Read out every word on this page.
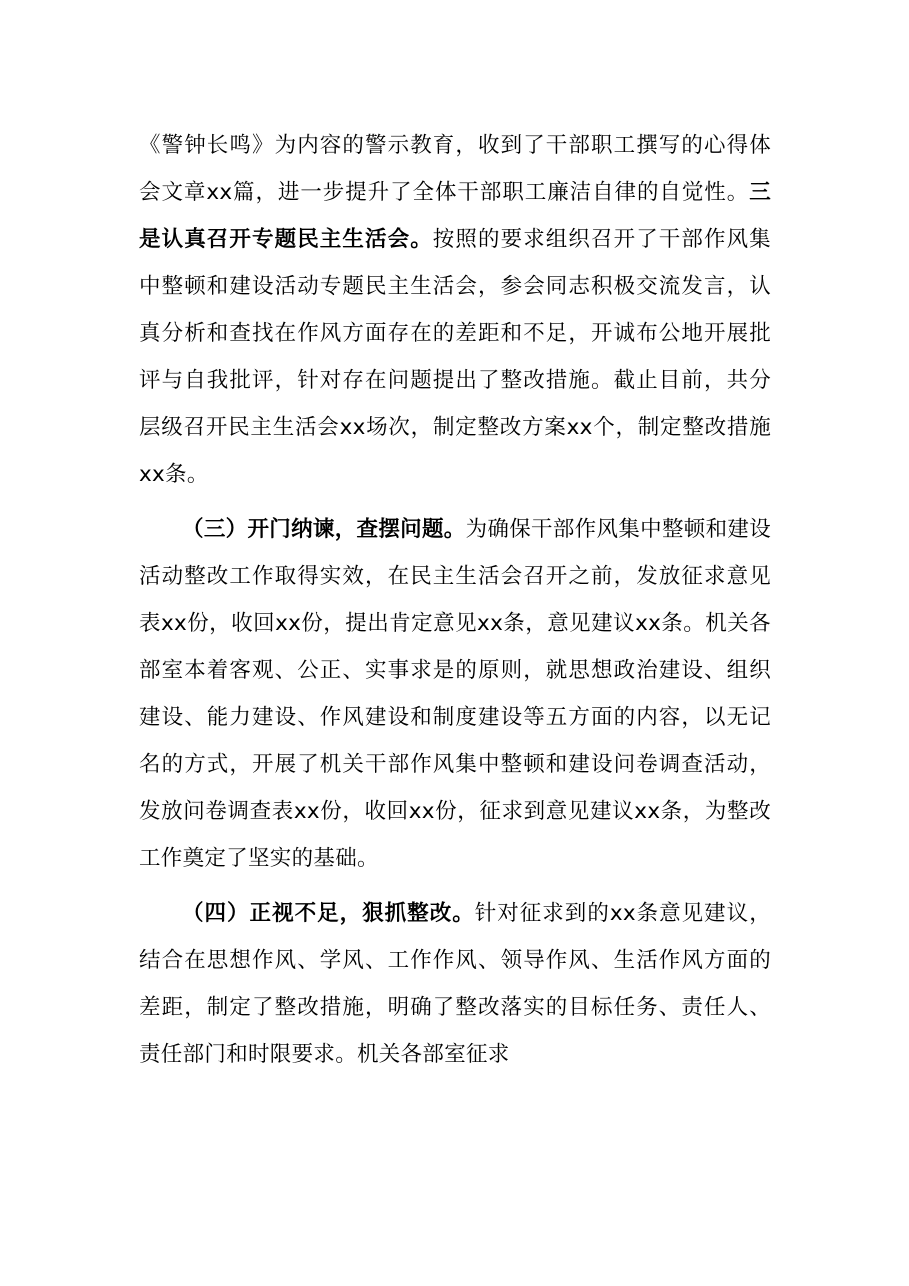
《警钟长鸣》为内容的警示教育，收到了干部职工撰写的心得体会文章xx篇，进一步提升了全体干部职工廉洁自律的自觉性。三是认真召开专题民主生活会。按照的要求组织召开了干部作风集中整顿和建设活动专题民主生活会，参会同志积极交流发言，认真分析和查找在作风方面存在的差距和不足，开诚布公地开展批评与自我批评，针对存在问题提出了整改措施。截止目前，共分层级召开民主生活会xx场次，制定整改方案xx个，制定整改措施xx条。

（三）开门纳谏，查摆问题。为确保干部作风集中整顿和建设活动整改工作取得实效，在民主生活会召开之前，发放征求意见表xx份，收回xx份，提出肯定意见xx条，意见建议xx条。机关各部室本着客观、公正、实事求是的原则，就思想政治建设、组织建设、能力建设、作风建设和制度建设等五方面的内容，以无记名的方式，开展了机关干部作风集中整顿和建设问卷调查活动，发放问卷调查表xx份，收回xx份，征求到意见建议xx条，为整改工作奠定了坚实的基础。

（四）正视不足，狠抓整改。针对征求到的xx条意见建议，结合在思想作风、学风、工作作风、领导作风、生活作风方面的差距，制定了整改措施，明确了整改落实的目标任务、责任人、责任部门和时限要求。机关各部室征求
